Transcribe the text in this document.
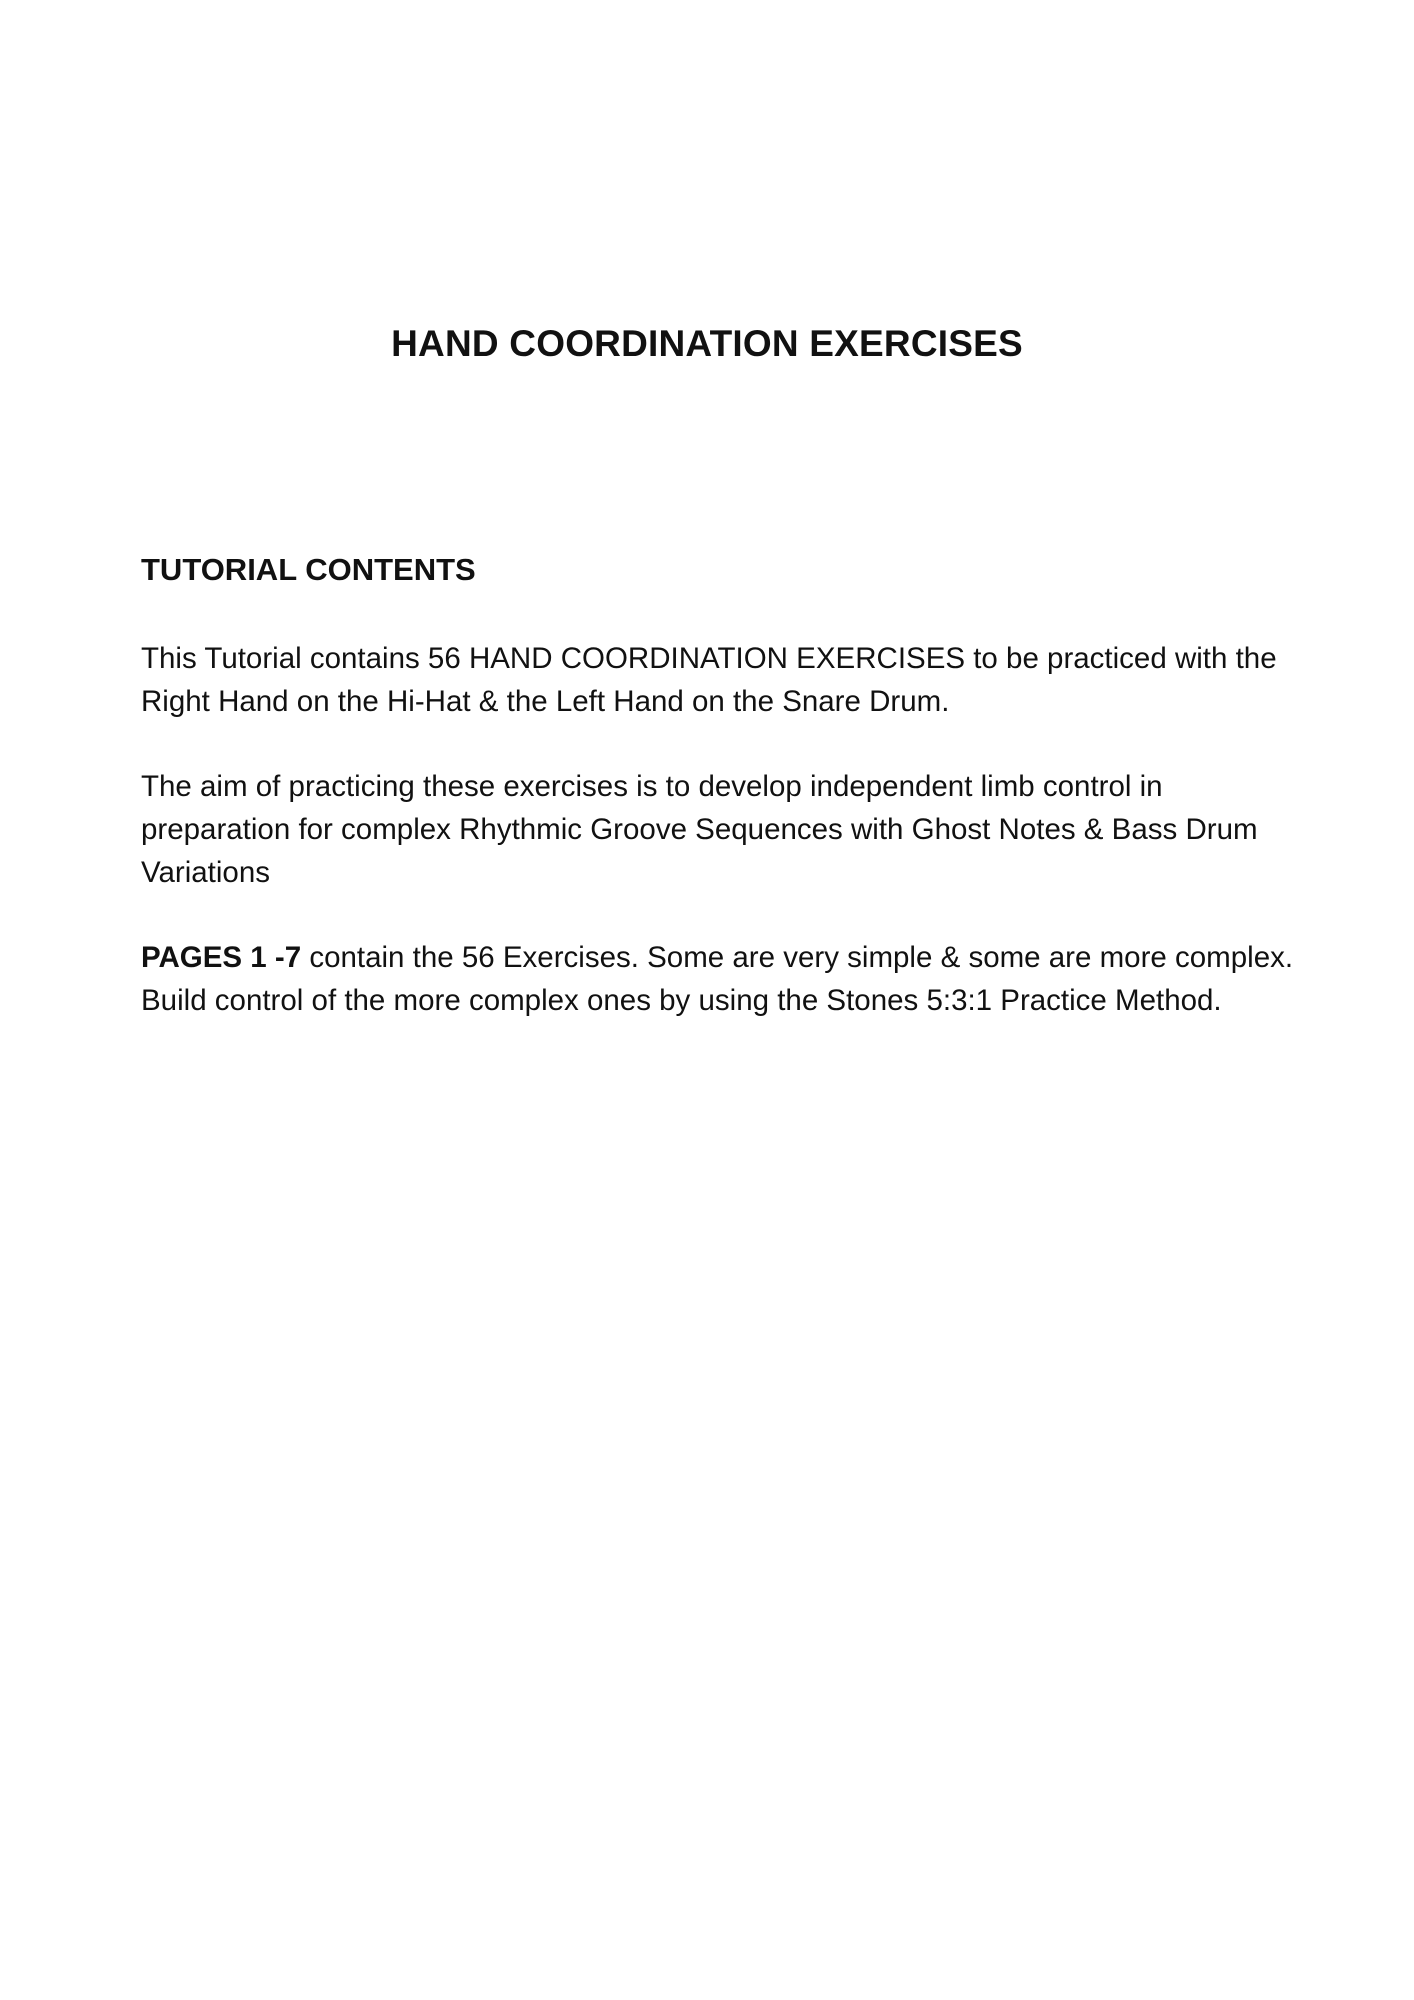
HAND COORDINATION EXERCISES
TUTORIAL CONTENTS

This Tutorial contains 56 HAND COORDINATION EXERCISES to be practiced with the Right Hand on the Hi-Hat & the Left Hand on the Snare Drum.

The aim of practicing these exercises is to develop independent limb control in preparation for complex Rhythmic Groove Sequences with Ghost Notes & Bass Drum Variations

PAGES 1 -7 contain the 56 Exercises. Some are very simple & some are more complex. Build control of the more complex ones by using the Stones 5:3:1 Practice Method.
